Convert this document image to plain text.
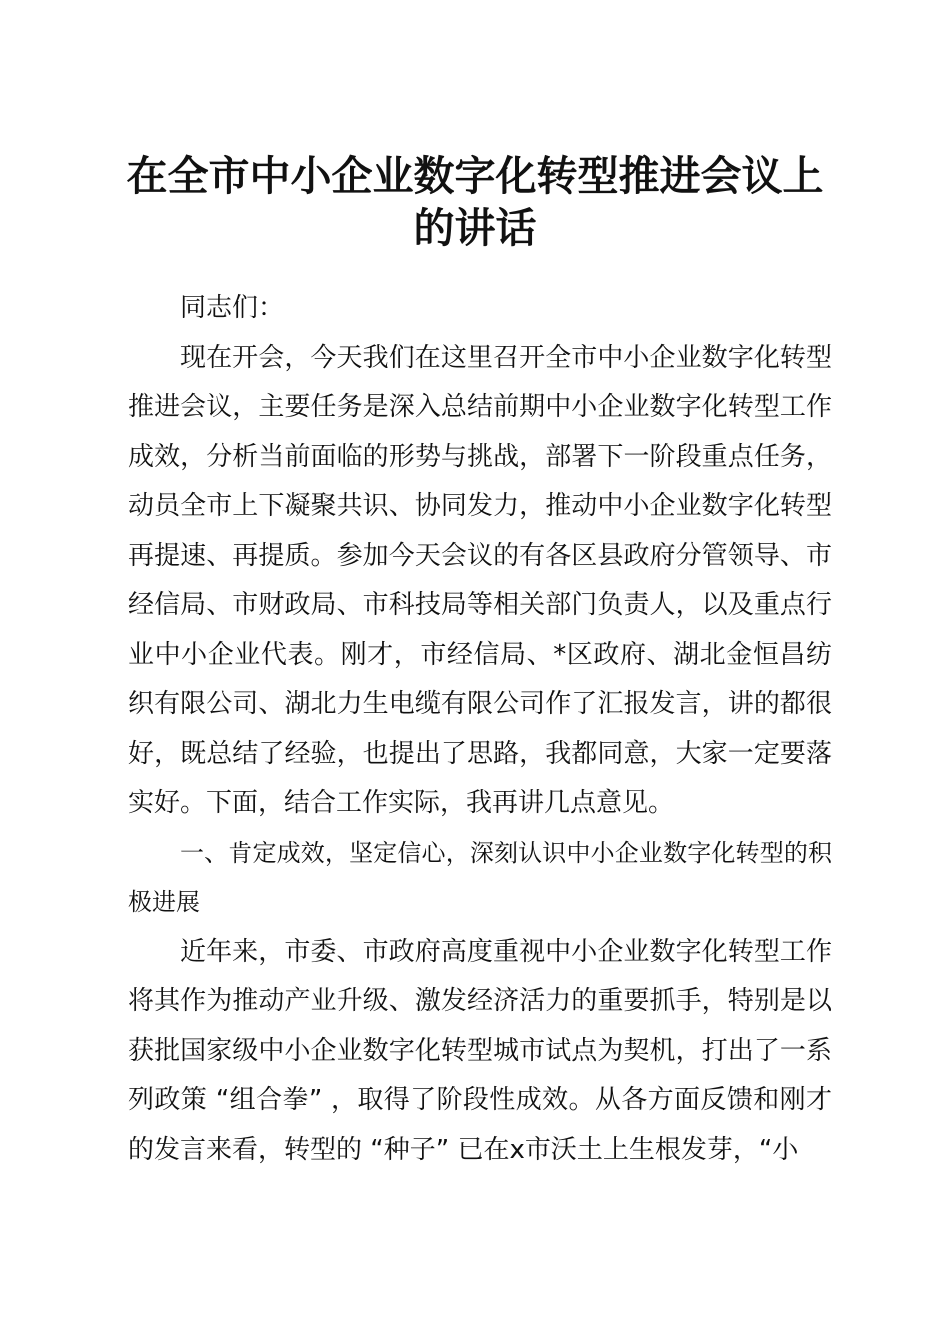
在全市中小企业数字化转型推进会议上的讲话

同志们：

现在开会，今天我们在这里召开全市中小企业数字化转型推进会议，主要任务是深入总结前期中小企业数字化转型工作成效，分析当前面临的形势与挑战，部署下一阶段重点任务，动员全市上下凝聚共识、协同发力，推动中小企业数字化转型再提速、再提质。参加今天会议的有各区县政府分管领导、市经信局、市财政局、市科技局等相关部门负责人，以及重点行业中小企业代表。刚才，市经信局、*区政府、湖北金恒昌纺织有限公司、湖北力生电缆有限公司作了汇报发言，讲的都很好，既总结了经验，也提出了思路，我都同意，大家一定要落实好。下面，结合工作实际，我再讲几点意见。

一、肯定成效，坚定信心，深刻认识中小企业数字化转型的积极进展

近年来，市委、市政府高度重视中小企业数字化转型工作将其作为推动产业升级、激发经济活力的重要抓手，特别是以获批国家级中小企业数字化转型城市试点为契机，打出了一系列政策 “组合拳” ，取得了阶段性成效。从各方面反馈和刚才的发言来看，转型的 “种子” 已在x市沃土上生根发芽，“小
